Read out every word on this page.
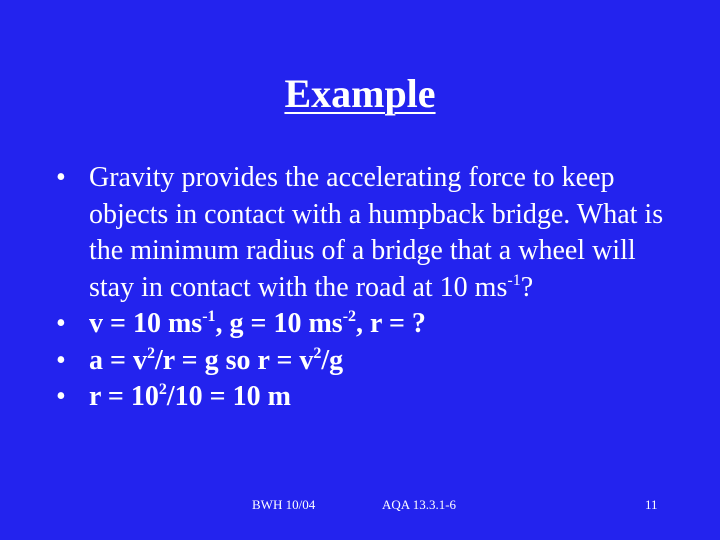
Example
• Gravity provides the accelerating force to keep objects in contact with a humpback bridge. What is the minimum radius of a bridge that a wheel will stay in contact with the road at 10 $ms^{-1}$?
• v = 10 $ms^{-1}$, g = 10 $ms^{-2}$, r = ?
• $a = v^2/r = g$ so $r = v^2/g$
• $r = 10^2/10 = 10$ m
BWH 10/04	AQA 13.3.1-6	11
